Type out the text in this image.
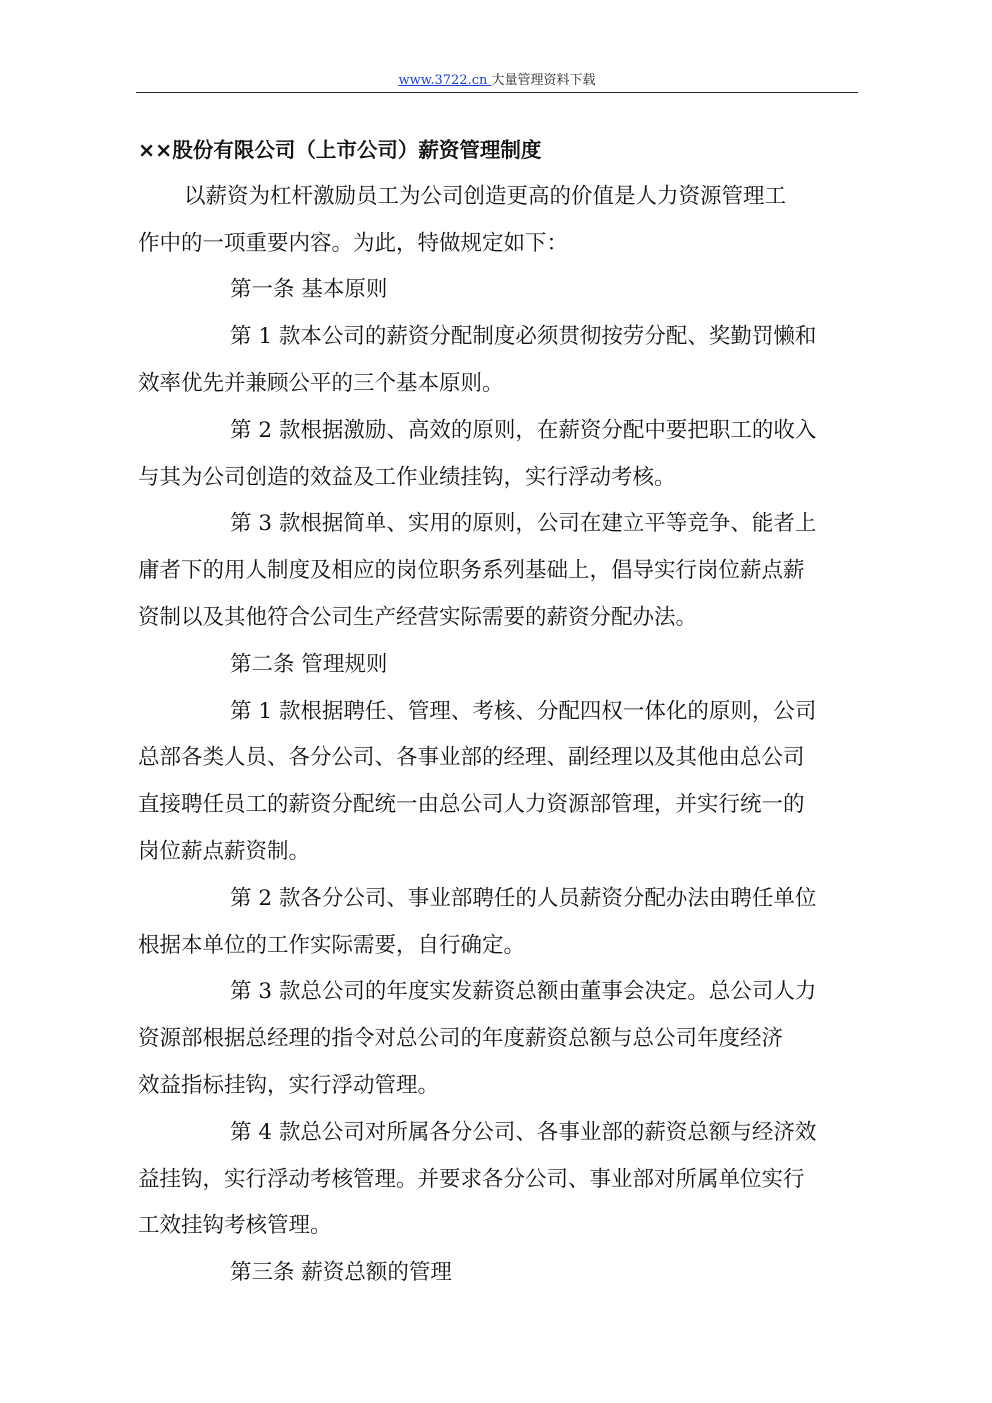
www.3722.cn 大量管理资料下载
××股份有限公司（上市公司）薪资管理制度
以薪资为杠杆激励员工为公司创造更高的价值是人力资源管理工
作中的一项重要内容。为此，特做规定如下：
第一条 基本原则
第 1 款本公司的薪资分配制度必须贯彻按劳分配、奖勤罚懒和
效率优先并兼顾公平的三个基本原则。
第 2 款根据激励、高效的原则，在薪资分配中要把职工的收入
与其为公司创造的效益及工作业绩挂钩，实行浮动考核。
第 3 款根据简单、实用的原则，公司在建立平等竞争、能者上
庸者下的用人制度及相应的岗位职务系列基础上，倡导实行岗位薪点薪
资制以及其他符合公司生产经营实际需要的薪资分配办法。
第二条 管理规则
第 1 款根据聘任、管理、考核、分配四权一体化的原则，公司
总部各类人员、各分公司、各事业部的经理、副经理以及其他由总公司
直接聘任员工的薪资分配统一由总公司人力资源部管理，并实行统一的
岗位薪点薪资制。
第 2 款各分公司、事业部聘任的人员薪资分配办法由聘任单位
根据本单位的工作实际需要，自行确定。
第 3 款总公司的年度实发薪资总额由董事会决定。总公司人力
资源部根据总经理的指令对总公司的年度薪资总额与总公司年度经济
效益指标挂钩，实行浮动管理。
第 4 款总公司对所属各分公司、各事业部的薪资总额与经济效
益挂钩，实行浮动考核管理。并要求各分公司、事业部对所属单位实行
工效挂钩考核管理。
第三条 薪资总额的管理
